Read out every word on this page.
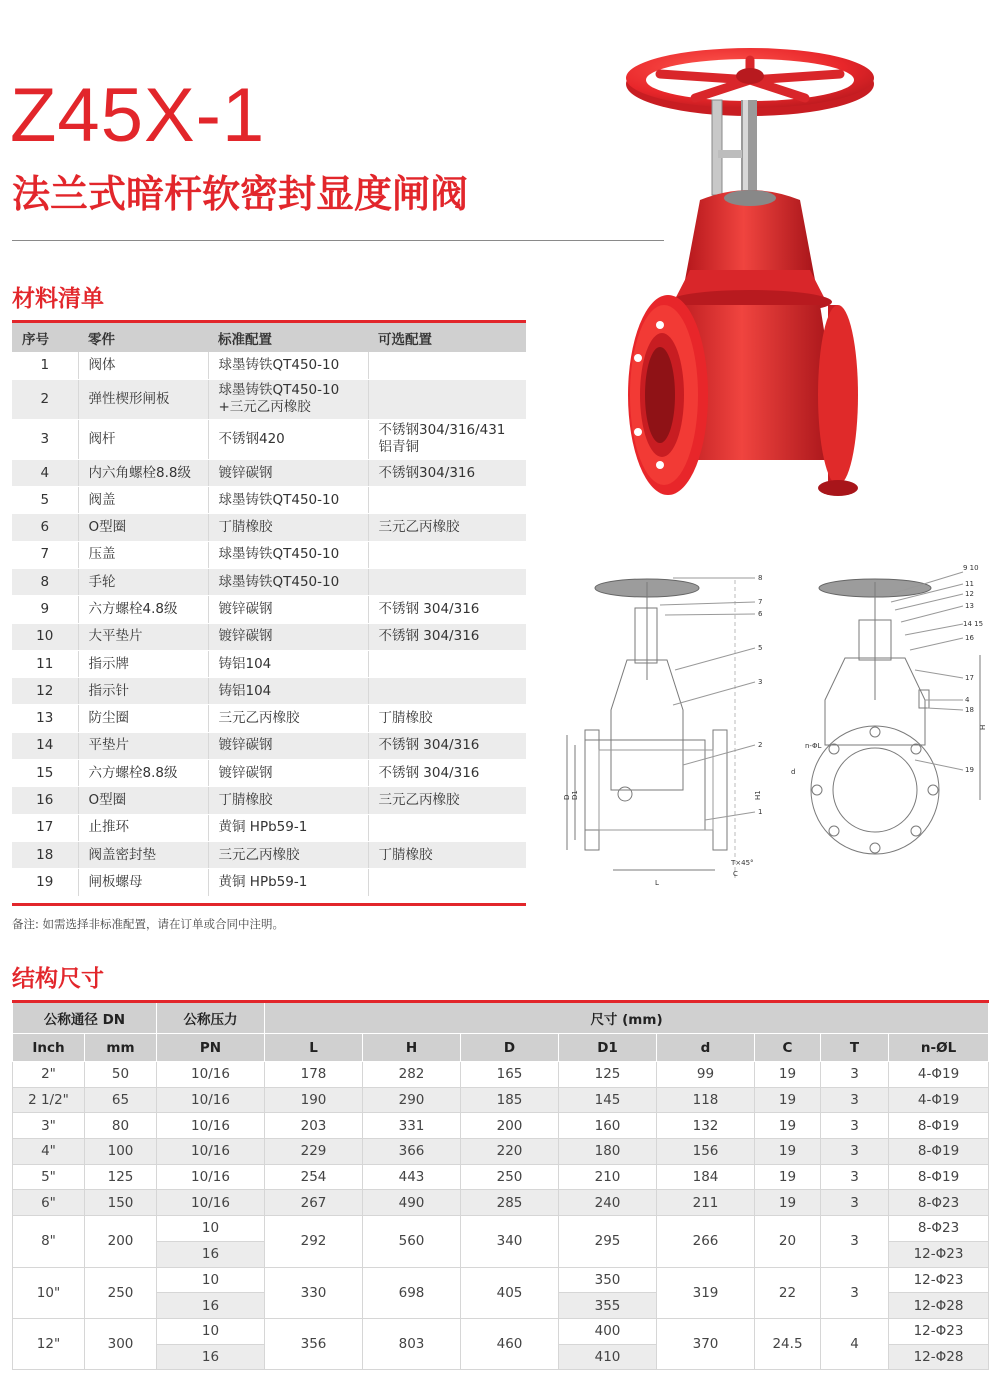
Z45X-1
法兰式暗杆软密封显度闸阀
8
7
6
5
3
2
1
9 10
11
12
13
14 15
16
17
4
18
19
D1
D
L
T×45°
C
n-ΦL
d
H
H1
材料清单
序号	零件	标准配置	可选配置
1	阀体	球墨铸铁QT450-10	
2	弹性楔形闸板	球墨铸铁QT450-10
+三元乙丙橡胶	
3	阀杆	不锈钢420	不锈钢304/316/431
铝青铜
4	内六角螺栓8.8级	镀锌碳钢	不锈钢304/316
5	阀盖	球墨铸铁QT450-10	
6	O型圈	丁腈橡胶	三元乙丙橡胶
7	压盖	球墨铸铁QT450-10	
8	手轮	球墨铸铁QT450-10	
9	六方螺栓4.8级	镀锌碳钢	不锈钢 304/316
10	大平垫片	镀锌碳钢	不锈钢 304/316
11	指示牌	铸铝104	
12	指示针	铸铝104	
13	防尘圈	三元乙丙橡胶	丁腈橡胶
14	平垫片	镀锌碳钢	不锈钢 304/316
15	六方螺栓8.8级	镀锌碳钢	不锈钢 304/316
16	O型圈	丁腈橡胶	三元乙丙橡胶
17	止推环	黄铜 HPb59-1	
18	阀盖密封垫	三元乙丙橡胶	丁腈橡胶
19	闸板螺母	黄铜 HPb59-1	
备注: 如需选择非标准配置，请在订单或合同中注明。
结构尺寸
公称通径 DN		公称压力	尺寸 (mm)							
Inch	mm	PN	L	H	D	D1	d	C	T	n-ØL
2"	50	10/16	178	282	165	125	99	19	3	4-Φ19
2 1/2"	65	10/16	190	290	185	145	118	19	3	4-Φ19
3"	80	10/16	203	331	200	160	132	19	3	8-Φ19
4"	100	10/16	229	366	220	180	156	19	3	8-Φ19
5"	125	10/16	254	443	250	210	184	19	3	8-Φ19
6"	150	10/16	267	490	285	240	211	19	3	8-Φ23
8"	200	10	292	560	340	295	266	20	3	8-Φ23
		16								12-Φ23
10"	250	10	330	698	405	350	319	22	3	12-Φ23
		16				355				12-Φ28
12"	300	10	356	803	460	400	370	24.5	4	12-Φ23
		16				410				12-Φ28
